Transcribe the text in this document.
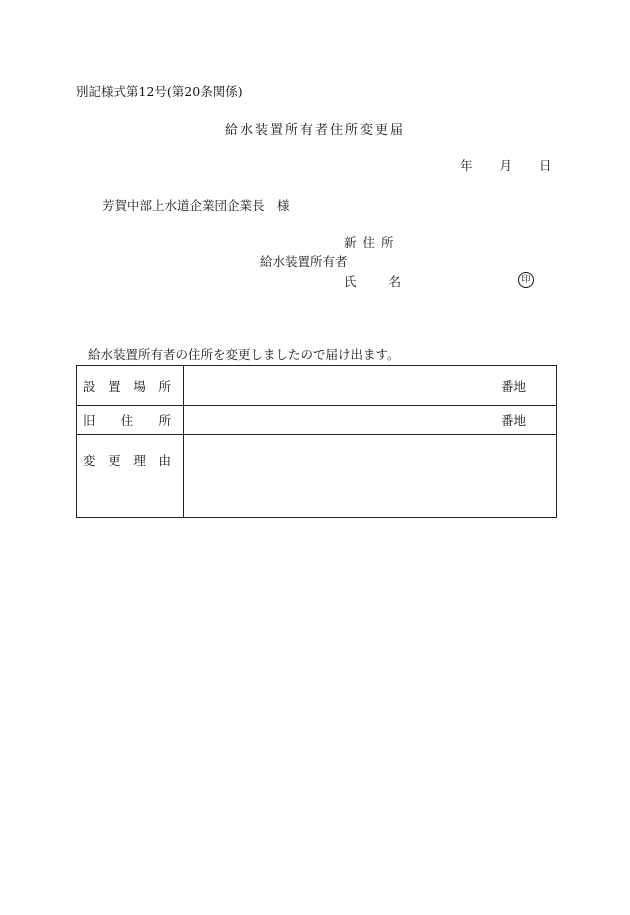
別記様式第12号(第20条関係)
給水装置所有者住所変更届
年 月 日
芳賀中部上水道企業団企業長　様
新住所
給水装置所有者
氏	名	印
給水装置所有者の住所を変更しましたので届け出ます。
設 置 場 所	番地

旧 住 所	番地

変 更 理 由	
